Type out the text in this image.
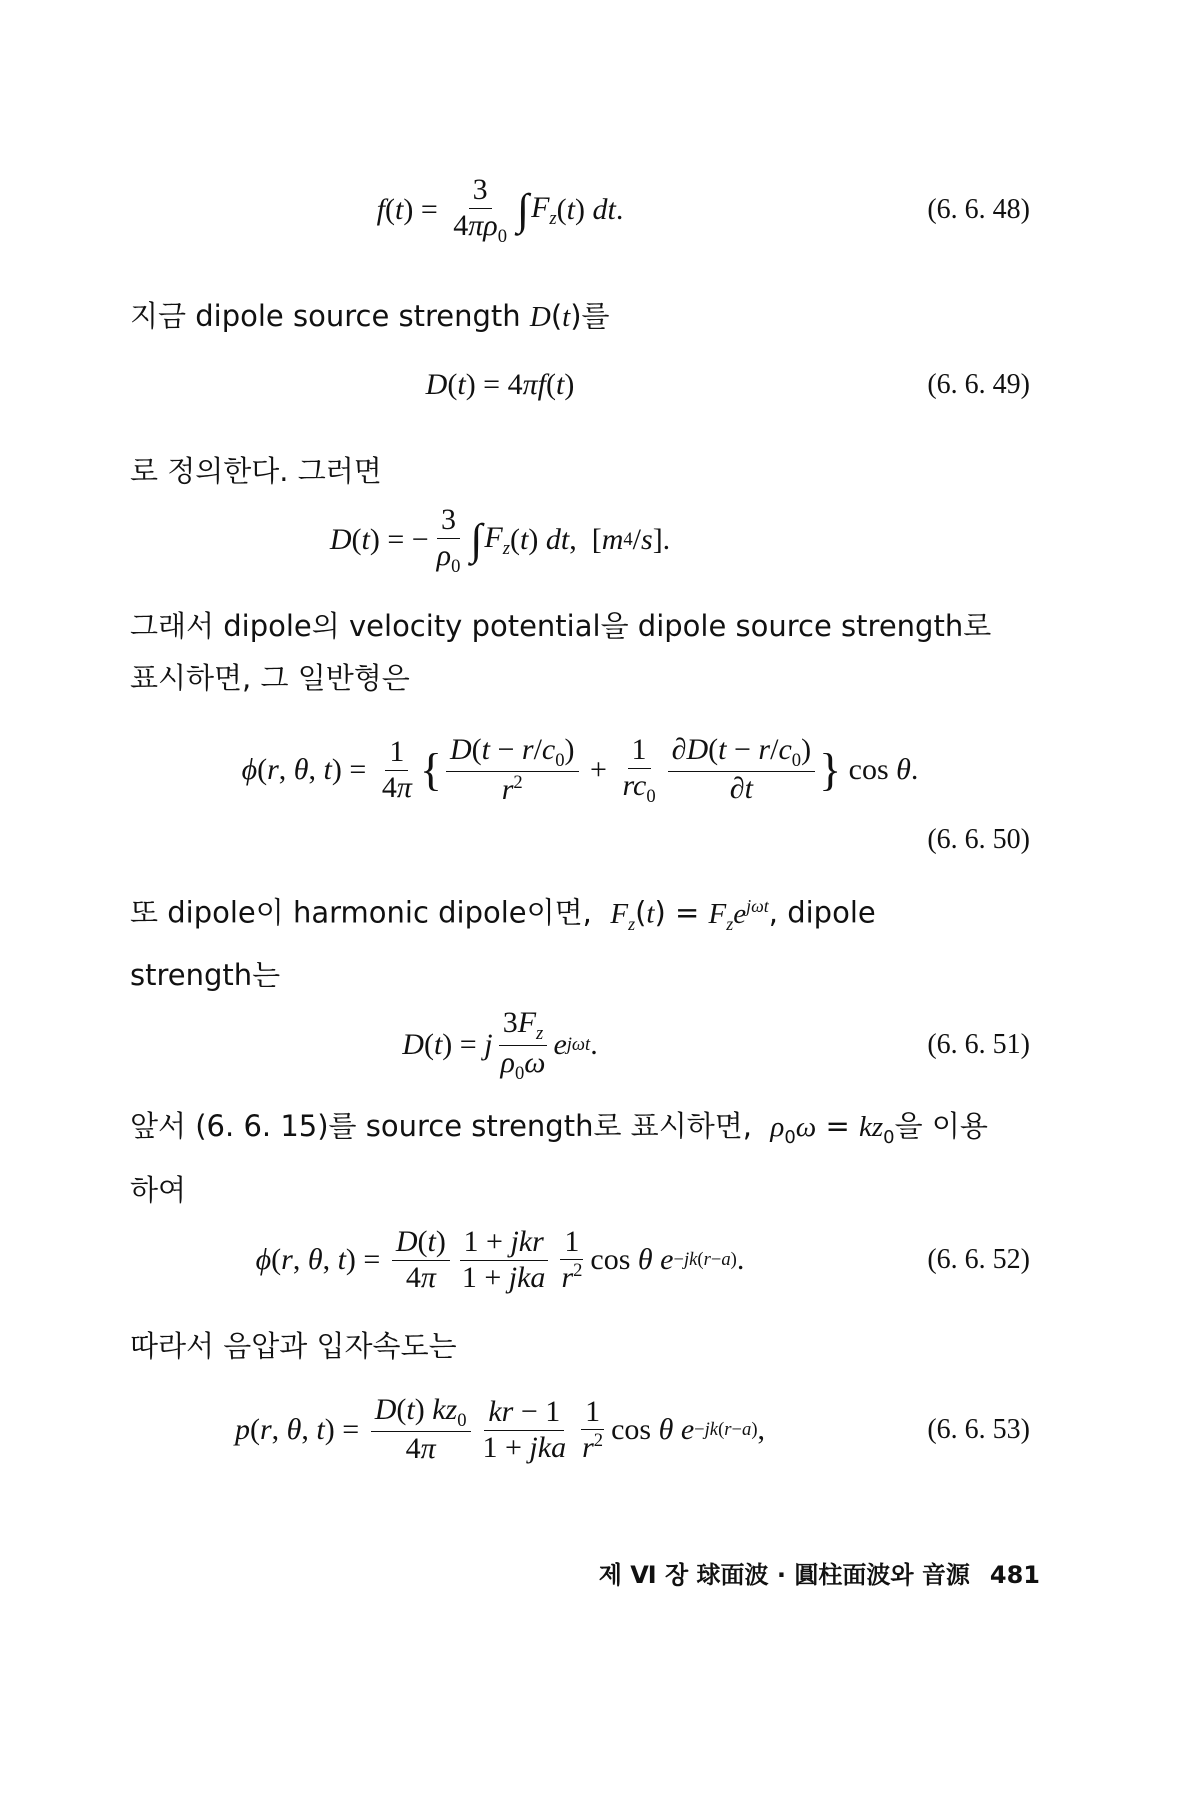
f ( t ) = $\frac{3}{4\pi\rho_0}$ ∫ $F_z$ ( t ) dt .	(6. 6. 48)
지금 dipole source strength D(t)를
D ( t ) = 4 π f ( t )	(6. 6. 49)
로 정의한다. 그러면
D ( t ) = − $\frac{3}{\rho_0}$ ∫ $F_z$ ( t ) dt ,  [ m 4 / s ].
그래서 dipole의 velocity potential을 dipole source strength로
표시하면, 그 일반형은
ϕ ( r , θ , t ) = $\frac{1}{4\pi}$ { $\frac{D(t - r/c_0)}{r^2} + \frac{1}{rc_0} \frac{\partial D(t - r/c_0)}{\partial t}$ } cos θ .
(6. 6. 50)
또 dipole이 harmonic dipole이면, $F_z(t) = F_ze^{j\omega t}$, dipole
strength는
D ( t ) = j $\frac{3F_z}{\rho_0\omega}$ e jωt .	(6. 6. 51)
앞서 (6. 6. 15)를 source strength로 표시하면, $\rho_0\omega = kz_0$을 이용
하여
ϕ ( r , θ , t ) = $\frac{D(t)}{4\pi} \frac{\text{1 + jkr}}{\text{1 + jka}} \frac{1}{r^2}$ cos θ
e −jk(r−a) .	(6. 6. 52)
따라서 음압과 입자속도는
p ( r , θ , t ) = $\frac{D(t) kz_0}{4\pi} \frac{kr - 1}{\text{1 + jka}} \frac{1}{r^2}$ cos θ
e −jk(r−a) ,	(6. 6. 53)
제 Ⅵ 장 球面波 · 圓柱面波와 音源 481
